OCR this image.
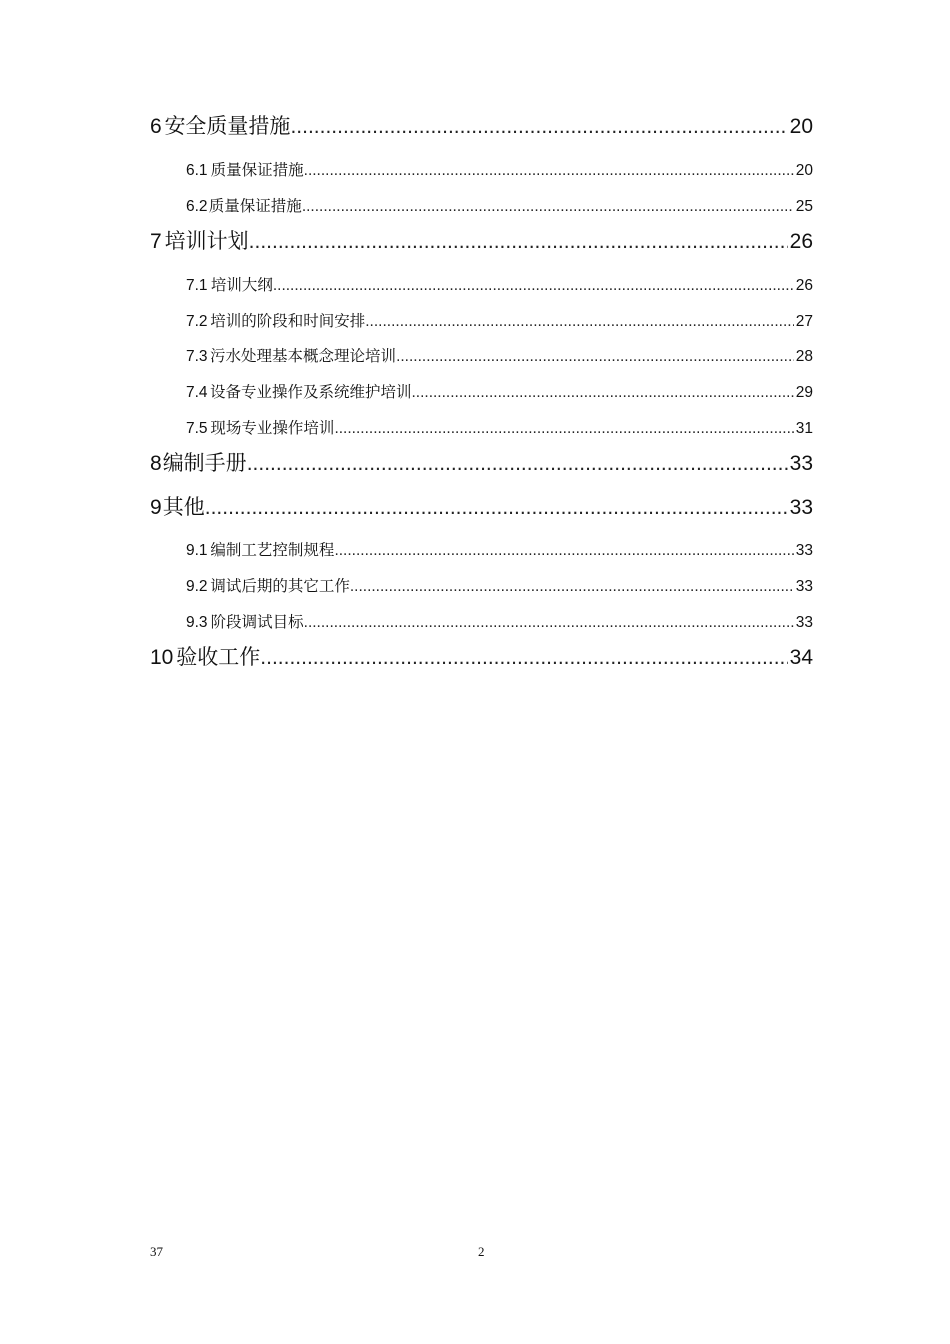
6 安全质量措施 .....	20
6.1 质量保证措施 .....	20
6.2 质量保证措施 .....	25
7 培训计划 .....	26
7.1 培训大纲 .....	26
7.2 培训的阶段和时间安排 .....	27
7.3 污水处理基本概念理论培训 .....	28
7.4 设备专业操作及系统维护培训 .....	29
7.5 现场专业操作培训 .....	31
8 编制手册 .....	33
9 其他 .....	33
9.1 编制工艺控制规程 .....	33
9.2 调试后期的其它工作 .....	33
9.3 阶段调试目标 .....	33
10 验收工作 .....	34
37	2
